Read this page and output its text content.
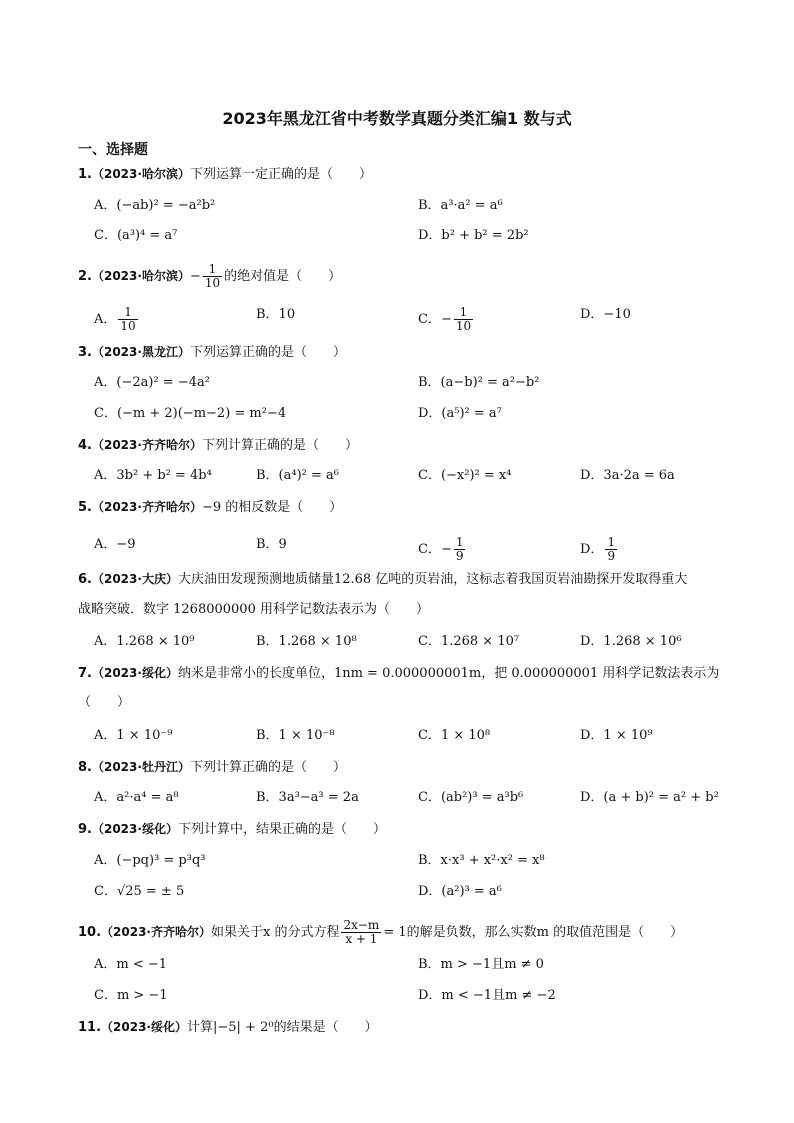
2023年黑龙江省中考数学真题分类汇编1 数与式
一、选择题
1.（2023·哈尔滨）下列运算一定正确的是（　　）
A．(−ab)² = −a²b²	B．a³·a² = a⁶
C．(a³)⁴ = a⁷	D．b² + b² = 2b²
2.（2023·哈尔滨）− $\frac{1}{10}$ 的绝对值是（　　）
A． $\frac{1}{10}$	B．10	C．− $\frac{1}{10}$	D．−10
3.（2023·黑龙江）下列运算正确的是（　　）
A．(−2a)² = −4a²	B．(a−b)² = a²−b²
C．(−m + 2)(−m−2) = m²−4	D．(a⁵)² = a⁷
4.（2023·齐齐哈尔）下列计算正确的是（　　）
A．3b² + b² = 4b⁴	B．(a⁴)² = a⁶	C．(−x²)² = x⁴	D．3a·2a = 6a
5.（2023·齐齐哈尔）−9 的相反数是（　　）
A．−9	B．9	C．− $\frac{1}{9}$	D． $\frac{1}{9}$
6.（2023·大庆）大庆油田发现预测地质储量12.68 亿吨的页岩油，这标志着我国页岩油勘探开发取得重大
战略突破．数字 1268000000 用科学记数法表示为（　　）
A．1.268 × 10⁹	B．1.268 × 10⁸	C．1.268 × 10⁷	D．1.268 × 10⁶
7.（2023·绥化）纳米是非常小的长度单位，1nm = 0.000000001m，把 0.000000001 用科学记数法表示为
（　　）
A．1 × 10⁻⁹	B．1 × 10⁻⁸	C．1 × 10⁸	D．1 × 10⁹
8.（2023·牡丹江）下列计算正确的是（　　）
A．a²·a⁴ = a⁸	B．3a³−a³ = 2a	C．(ab²)³ = a³b⁶	D．(a + b)² = a² + b²
9.（2023·绥化）下列计算中，结果正确的是（　　）
A．(−pq)³ = p³q³	B．x·x³ + x²·x² = x⁸
C．√25 = ± 5	D．(a²)³ = a⁶
10.（2023·齐齐哈尔）如果关于x 的分式方程 $\frac{2x-m}{x + 1} = 1$的解是负数，那么实数m 的取值范围是（　　）
A．m < −1	B．m > −1且m ≠ 0
C．m > −1	D．m < −1且m ≠ −2
11.（2023·绥化）计算|−5| + 2⁰的结果是（　　）
